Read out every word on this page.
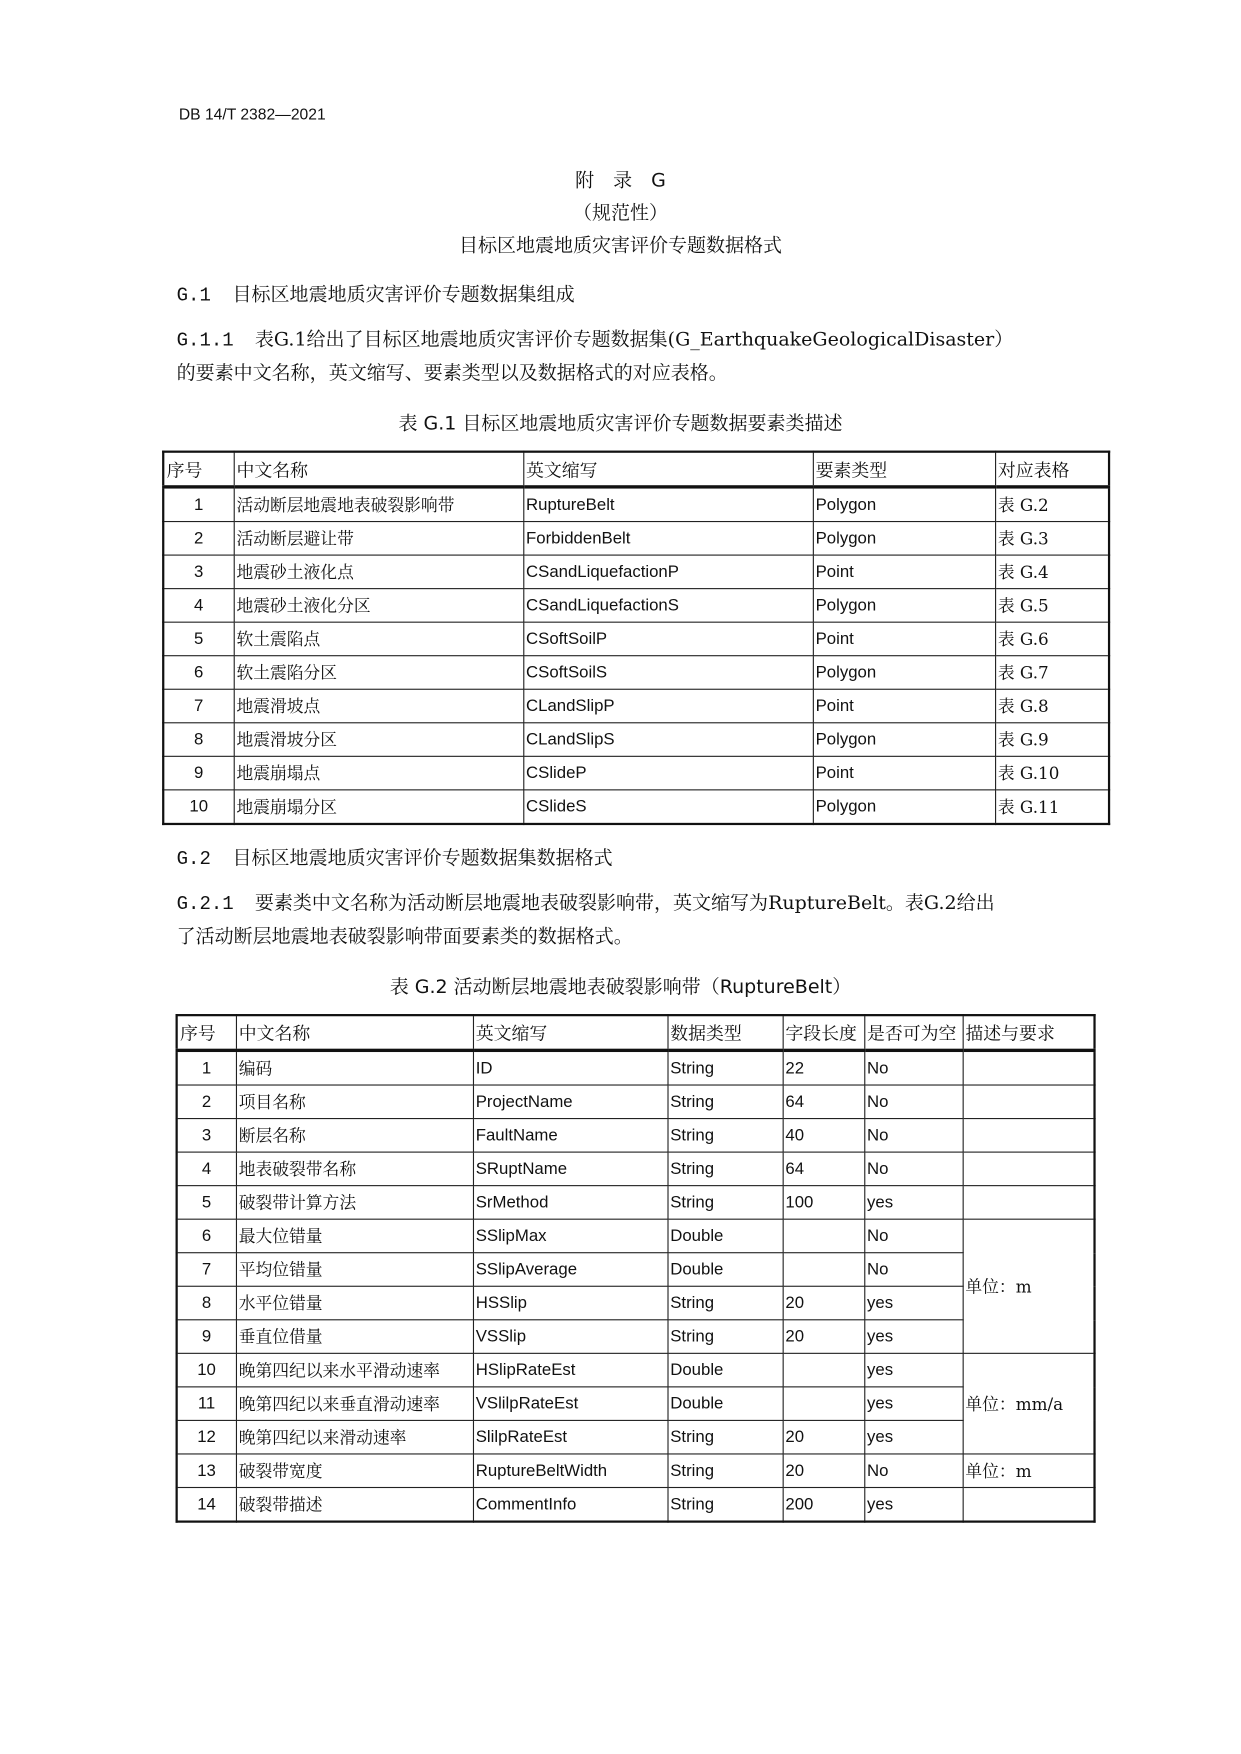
DB 14/T 2382—2021
附　录　G
（规范性）
目标区地震地质灾害评价专题数据格式
G.1 目标区地震地质灾害评价专题数据集组成
G.1.1 表G.1给出了目标区地震地质灾害评价专题数据集(G_EarthquakeGeologicalDisaster）
的要素中文名称，英文缩写、要素类型以及数据格式的对应表格。
表 G.1 目标区地震地质灾害评价专题数据要素类描述
序号	中文名称	英文缩写	要素类型	对应表格
1	活动断层地震地表破裂影响带	RuptureBelt	Polygon	表 G.2
2	活动断层避让带	ForbiddenBelt	Polygon	表 G.3
3	地震砂土液化点	CSandLiquefactionP	Point	表 G.4
4	地震砂土液化分区	CSandLiquefactionS	Polygon	表 G.5
5	软土震陷点	CSoftSoilP	Point	表 G.6
6	软土震陷分区	CSoftSoilS	Polygon	表 G.7
7	地震滑坡点	CLandSlipP	Point	表 G.8
8	地震滑坡分区	CLandSlipS	Polygon	表 G.9
9	地震崩塌点	CSlideP	Point	表 G.10
10	地震崩塌分区	CSlideS	Polygon	表 G.11
G.2 目标区地震地质灾害评价专题数据集数据格式
G.2.1 要素类中文名称为活动断层地震地表破裂影响带，英文缩写为RuptureBelt。表G.2给出
了活动断层地震地表破裂影响带面要素类的数据格式。
表 G.2 活动断层地震地表破裂影响带（RuptureBelt）
序号	中文名称	英文缩写	数据类型	字段长度	是否可为空	描述与要求
1	编码	ID	String	22	No	
2	项目名称	ProjectName	String	64	No	
3	断层名称	FaultName	String	40	No	
4	地表破裂带名称	SRuptName	String	64	No	
5	破裂带计算方法	SrMethod	String	100	yes	
6	最大位错量	SSlipMax	Double		No	单位：m
7	平均位错量	SSlipAverage	Double		No	
8	水平位错量	HSSlip	String	20	yes	
9	垂直位借量	VSSlip	String	20	yes	
10	晚第四纪以来水平滑动速率	HSlipRateEst	Double		yes	单位：mm/a
11	晚第四纪以来垂直滑动速率	VSlilpRateEst	Double		yes	
12	晚第四纪以来滑动速率	SlilpRateEst	String	20	yes	
13	破裂带宽度	RuptureBeltWidth	String	20	No	单位：m
14	破裂带描述	CommentInfo	String	200	yes	
